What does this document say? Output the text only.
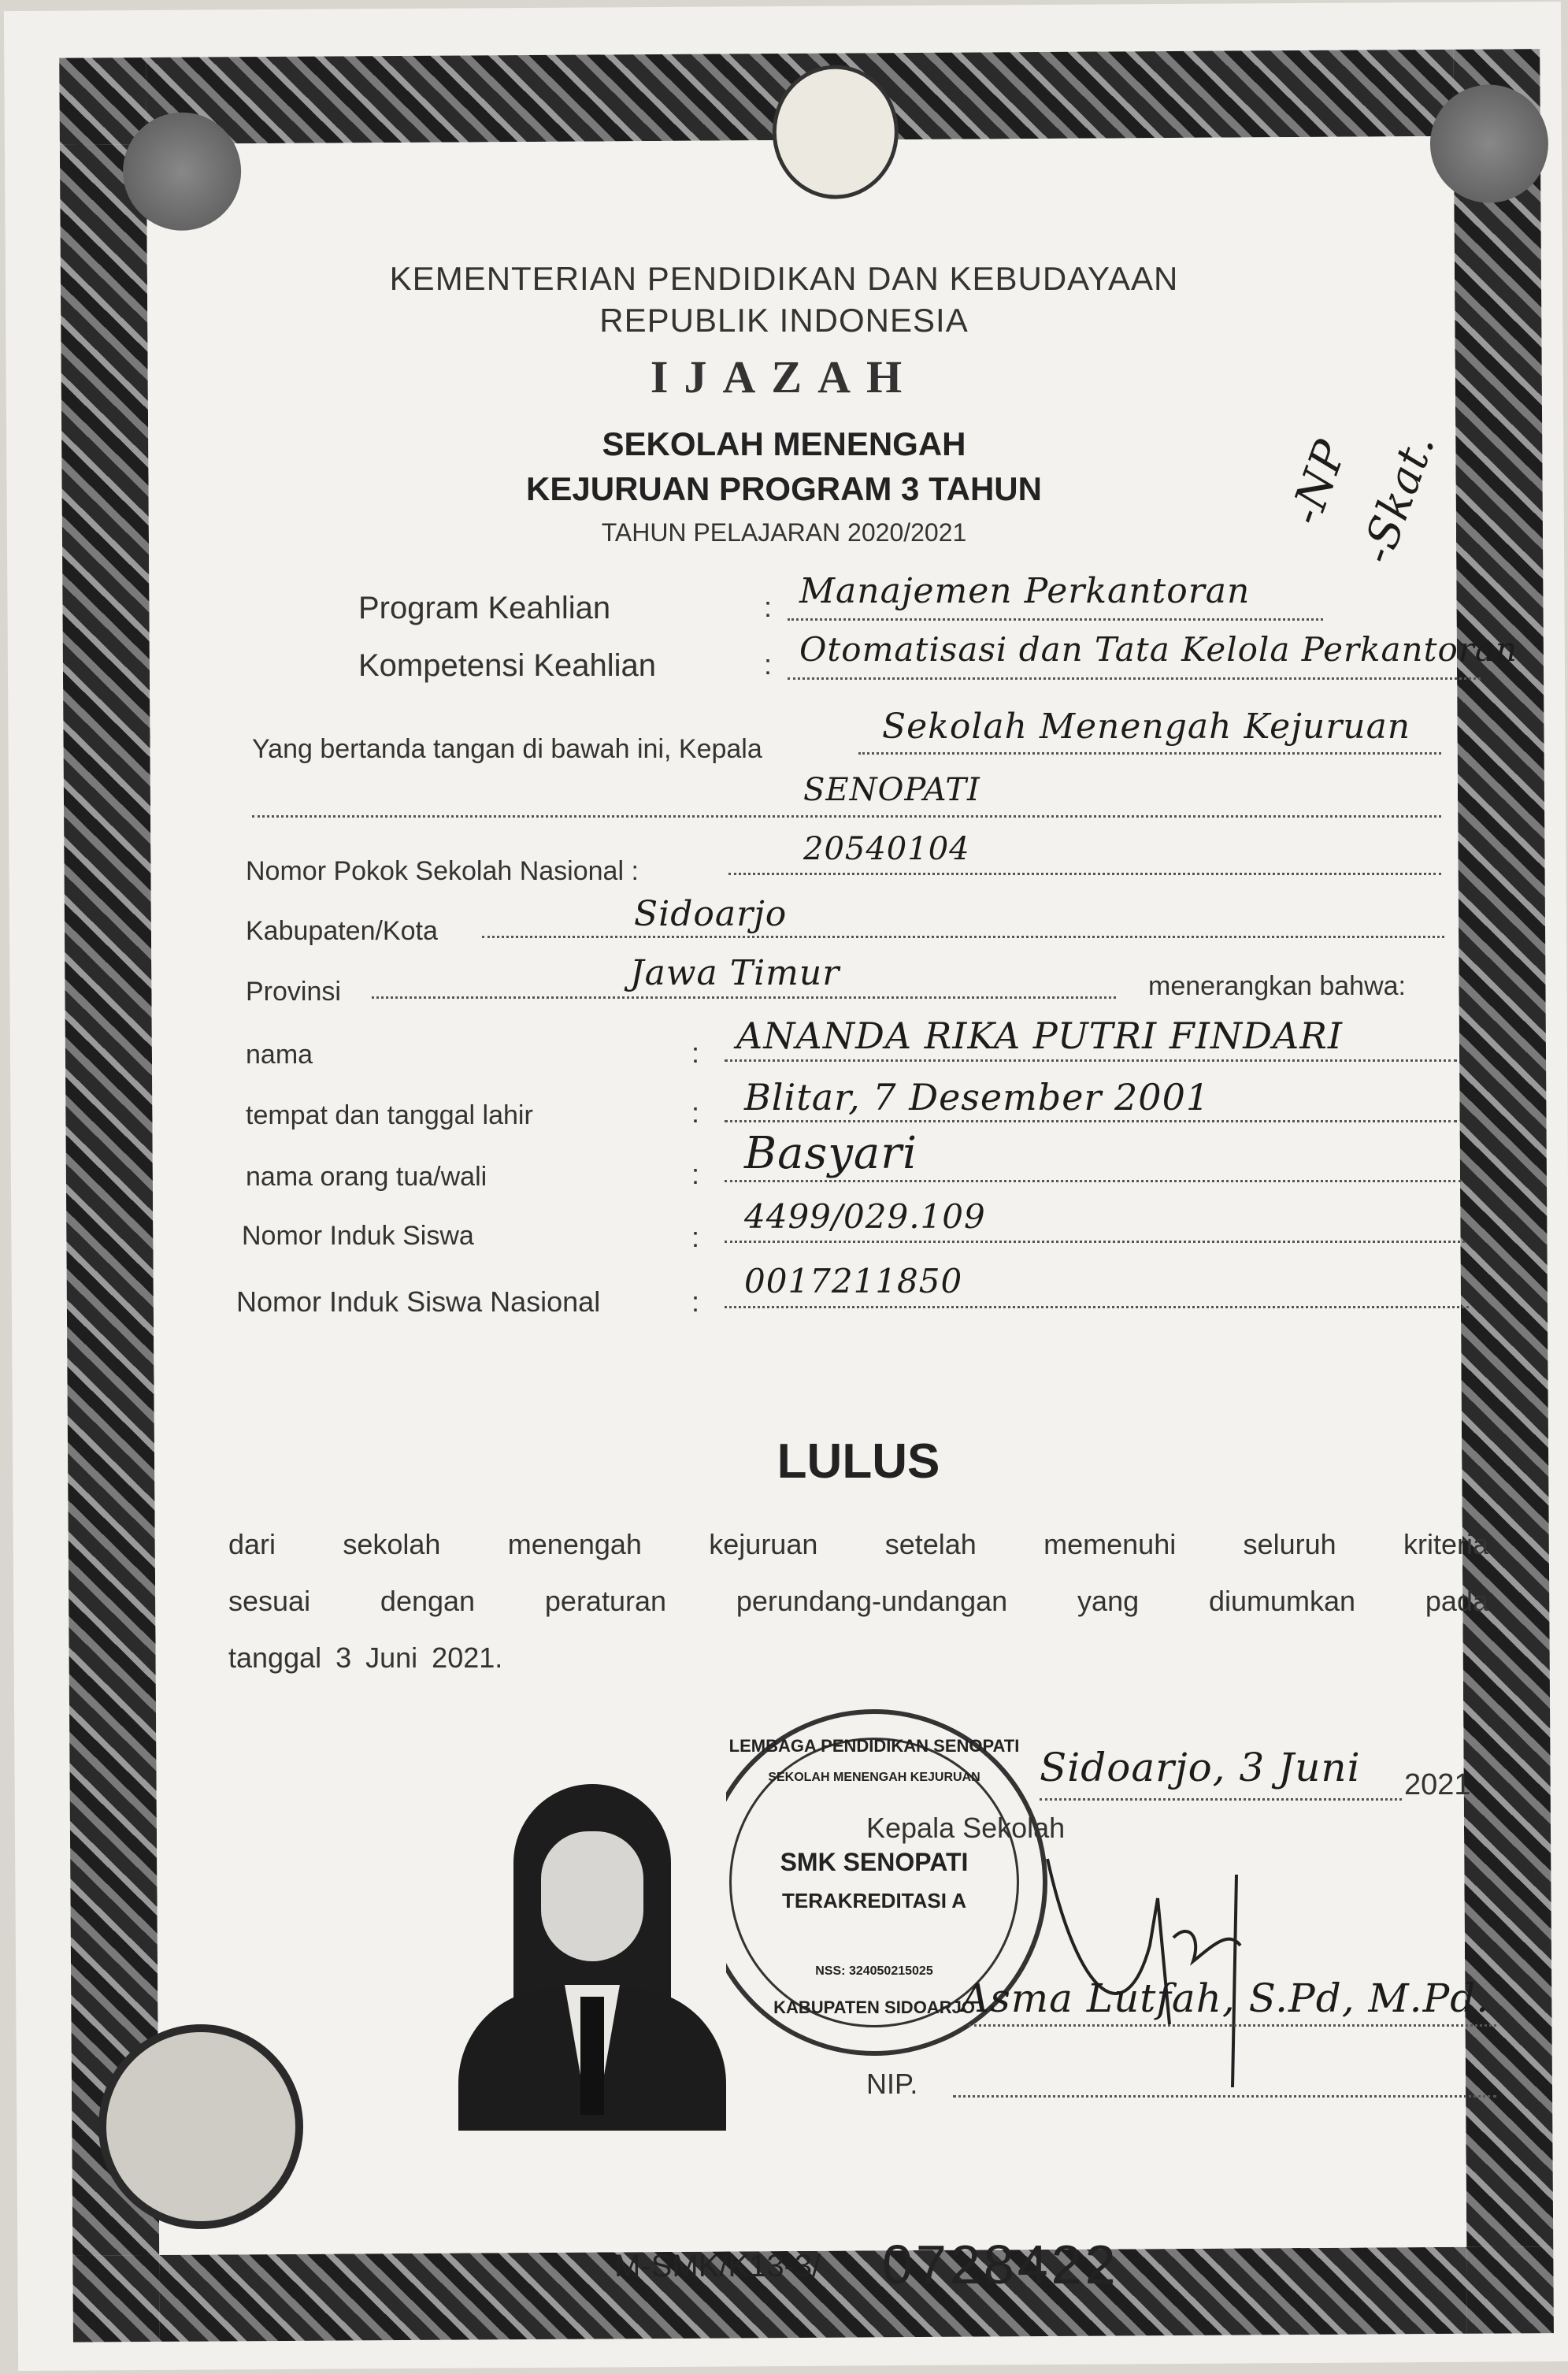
KEMENTERIAN PENDIDIKAN DAN KEBUDAYAAN
REPUBLIK INDONESIA
IJAZAH
SEKOLAH MENENGAH
KEJURUAN PROGRAM 3 TAHUN
TAHUN PELAJARAN 2020/2021
-NP
-Skat.
Program Keahlian	: Manajemen Perkantoran
Kompetensi Keahlian	: Otomatisasi dan Tata Kelola Perkantoran
Yang bertanda tangan di bawah ini, Kepala
Sekolah Menengah Kejuruan
SENOPATI
Nomor Pokok Sekolah Nasional :
20540104
Kabupaten/Kota	Sidoarjo
Provinsi	Jawa Timur	menerangkan bahwa:
nama	: ANANDA RIKA PUTRI FINDARI
tempat dan tanggal lahir	: Blitar, 7 Desember 2001
nama orang tua/wali	: Basyari
Nomor Induk Siswa	:
4499/029.109
Nomor Induk Siswa Nasional	:
0017211850
LULUS
dari sekolah menengah kejuruan setelah memenuhi seluruh kriteria
sesuai dengan peraturan perundang-undangan yang diumumkan pada
tanggal 3 Juni 2021.
LEMBAGA PENDIDIKAN SENOPATI
SEKOLAH MENENGAH KEJURUAN
SMK SENOPATI
TERAKREDITASI A
NSS: 324050215025
KABUPATEN SIDOARJO
Sidoarjo, 3 Juni 2021
Kepala Sekolah
Asma Lutfah, S.Pd, M.Pd.
NIP.
M-SMK/K13-3/ 0728422
